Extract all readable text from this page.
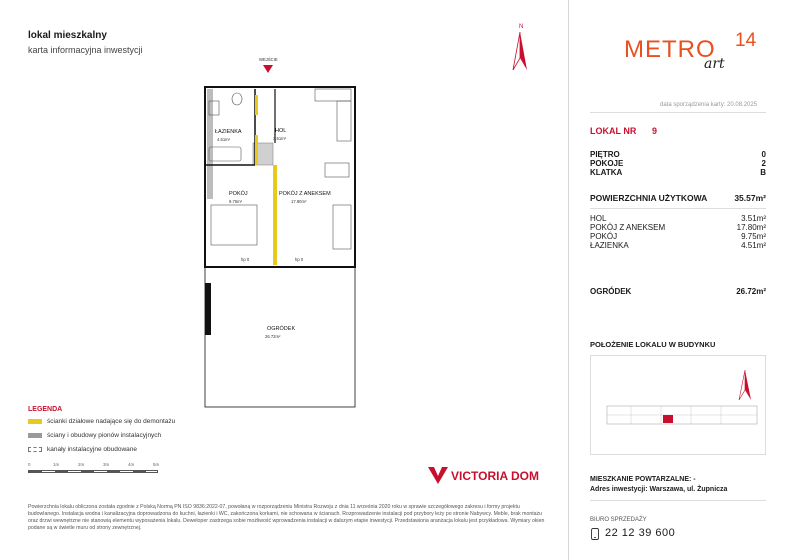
lokal mieszkalny
karta informacyjna inwestycji
N
METRO 14
art
data sporządzenia karty: 20.08.2025
LOKAL NR 9
PIĘTRO	0
POKOJE	2
KLATKA	B
POWIERZCHNIA UŻYTKOWA	35.57m²
HOL	3.51m²
POKÓJ Z ANEKSEM	17.80m²
POKÓJ	9.75m²
ŁAZIENKA	4.51m²
OGRÓDEK	26.72m²
POŁOŻENIE LOKALU W BUDYNKU
MIESZKANIE POWTARZALNE: -
Adres inwestycji: Warszawa, ul. Żupnicza
BIURO SPRZEDAŻY
22 12 39 600
VICTORIA DOM
LEGENDA
ścianki działowe nadające się do demontażu
ściany i obudowy pionów instalacyjnych
kanały instalacyjne obudowane
0	1m	2m	3m	4m	5m
Powierzchnia lokalu obliczona została zgodnie z Polską Normą PN ISO 9836:2022-07, powołaną w rozporządzeniu Ministra Rozwoju z dnia 11 września 2020 roku w sprawie szczegółowego zakresu i formy projektu budowlanego. Instalacja wodna i kanalizacyjna doprowadzona do kuchni, łazienki i WC, zakończona korkami, nie schowana w ścianach. Rozprowadzenie instalacji pod przybory leży po stronie Nabywcy. Meble, brak montażu oraz drzwi wewnętrzne nie stanowią elementu wyposażenia lokalu. Deweloper zastrzega sobie możliwość wprowadzenia instalacji w dalszym etapie inwestycji. Przedstawiona aranżacja lokalu jest przykładowa. Wymiary okien podane są w świetle muru od strony zewnętrznej.
WEJŚCIE
ŁAZIENKA
4.51m²
HOL
3.51m²
POKÓJ
9.75m²
POKÓJ Z ANEKSEM
17.80m²
hp 0	hp 0
OGRÓDEK
26.72m²
